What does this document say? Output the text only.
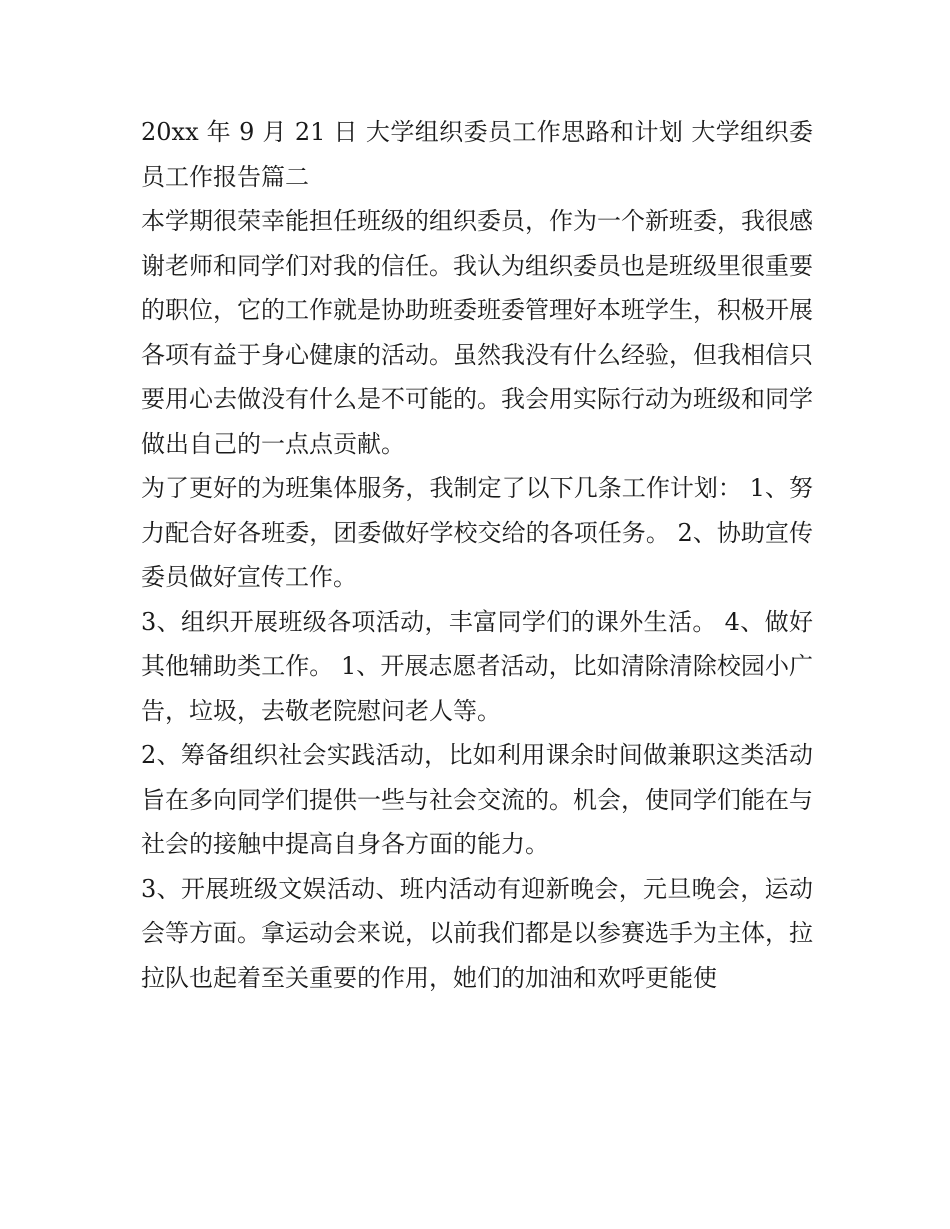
20xx 年 9 月 21 日 大学组织委员工作思路和计划 大学组织委员工作报告篇二

本学期很荣幸能担任班级的组织委员，作为一个新班委，我很感谢老师和同学们对我的信任。我认为组织委员也是班级里很重要的职位，它的工作就是协助班委班委管理好本班学生，积极开展各项有益于身心健康的活动。虽然我没有什么经验，但我相信只要用心去做没有什么是不可能的。我会用实际行动为班级和同学做出自己的一点点贡献。

为了更好的为班集体服务，我制定了以下几条工作计划： 1、努力配合好各班委，团委做好学校交给的各项任务。 2、协助宣传委员做好宣传工作。

3、组织开展班级各项活动，丰富同学们的课外生活。 4、做好其他辅助类工作。 1、开展志愿者活动，比如清除清除校园小广告，垃圾，去敬老院慰问老人等。

2、筹备组织社会实践活动，比如利用课余时间做兼职这类活动旨在多向同学们提供一些与社会交流的。机会，使同学们能在与社会的接触中提高自身各方面的能力。

3、开展班级文娱活动、班内活动有迎新晚会，元旦晚会，运动会等方面。拿运动会来说，以前我们都是以参赛选手为主体，拉拉队也起着至关重要的作用，她们的加油和欢呼更能使
